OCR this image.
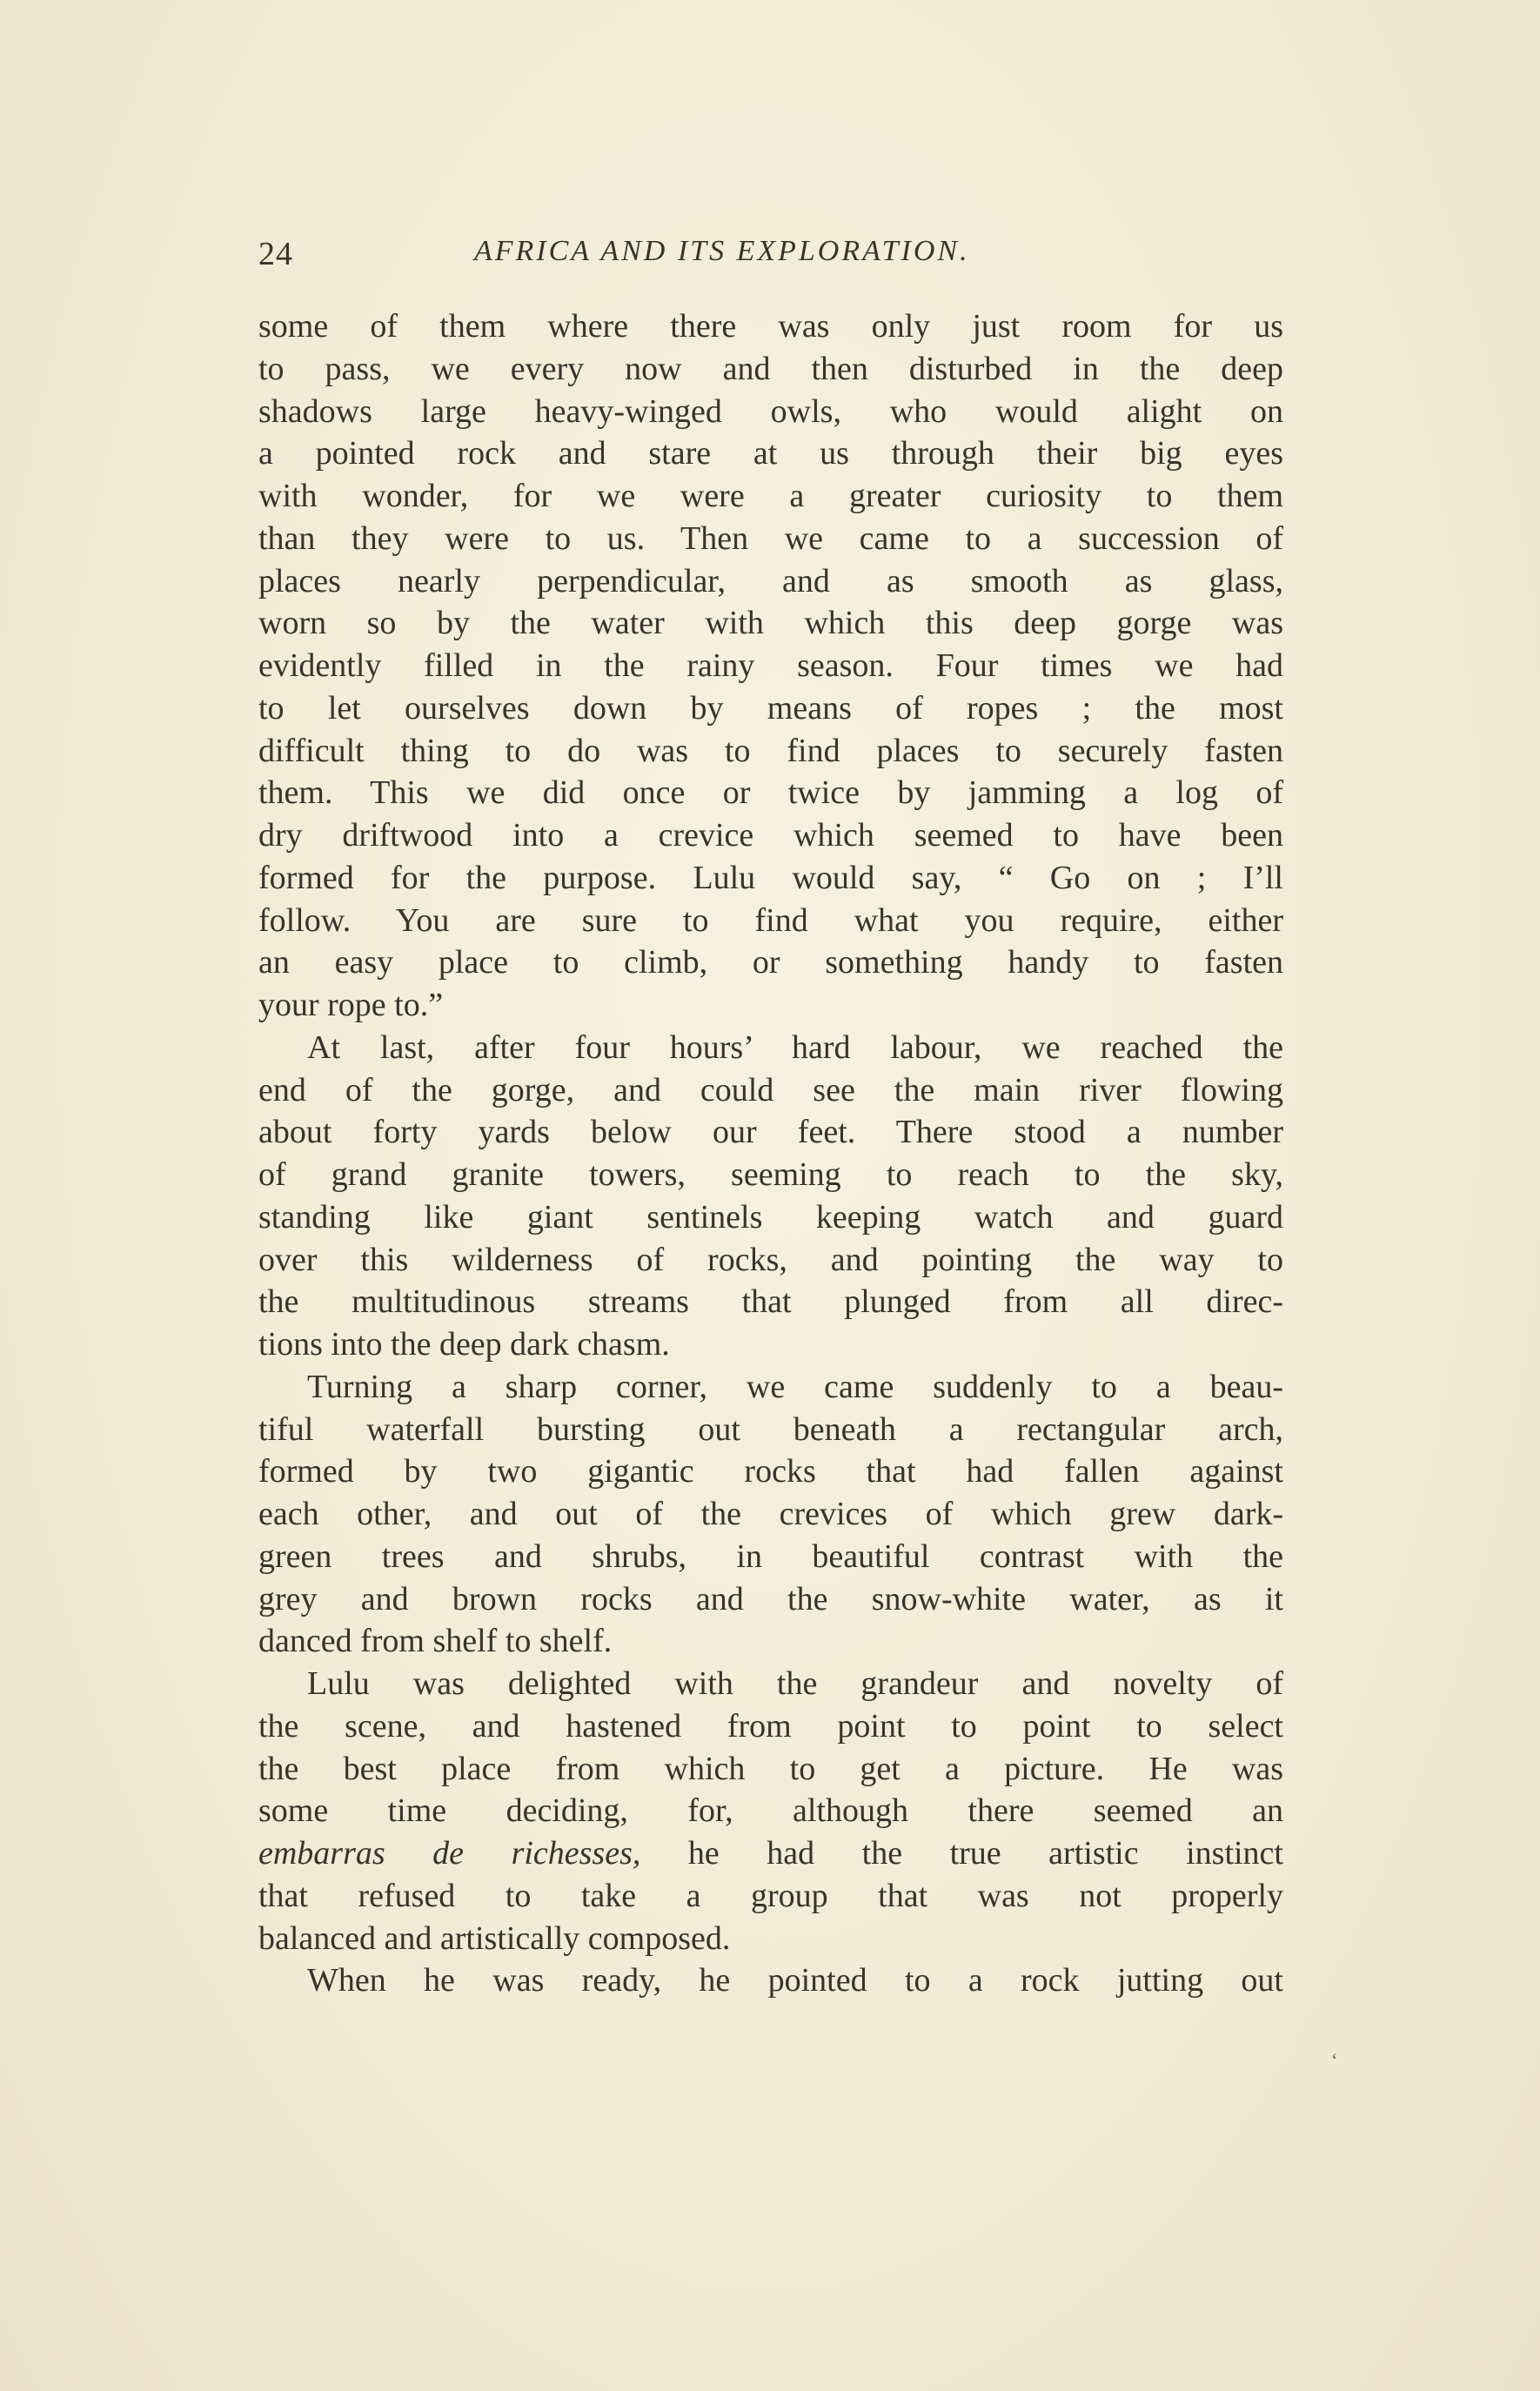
24	AFRICA AND ITS EXPLORATION.
some of them where there was only just room for us
to pass, we every now and then disturbed in the deep
shadows large heavy-winged owls, who would alight on
a pointed rock and stare at us through their big eyes
with wonder, for we were a greater curiosity to them
than they were to us. Then we came to a succession of
places nearly perpendicular, and as smooth as glass,
worn so by the water with which this deep gorge was
evidently filled in the rainy season. Four times we had
to let ourselves down by means of ropes ; the most
difficult thing to do was to find places to securely fasten
them. This we did once or twice by jamming a log of
dry driftwood into a crevice which seemed to have been
formed for the purpose. Lulu would say, “ Go on ; I’ll
follow. You are sure to find what you require, either
an easy place to climb, or something handy to fasten
your rope to.”
At last, after four hours’ hard labour, we reached the
end of the gorge, and could see the main river flowing
about forty yards below our feet. There stood a number
of grand granite towers, seeming to reach to the sky,
standing like giant sentinels keeping watch and guard
over this wilderness of rocks, and pointing the way to
the multitudinous streams that plunged from all direc-
tions into the deep dark chasm.
Turning a sharp corner, we came suddenly to a beau-
tiful waterfall bursting out beneath a rectangular arch,
formed by two gigantic rocks that had fallen against
each other, and out of the crevices of which grew dark-
green trees and shrubs, in beautiful contrast with the
grey and brown rocks and the snow-white water, as it
danced from shelf to shelf.
Lulu was delighted with the grandeur and novelty of
the scene, and hastened from point to point to select
the best place from which to get a picture. He was
some time deciding, for, although there seemed an
embarras de richesses, he had the true artistic instinct
that refused to take a group that was not properly
balanced and artistically composed.
When he was ready, he pointed to a rock jutting out
‘
